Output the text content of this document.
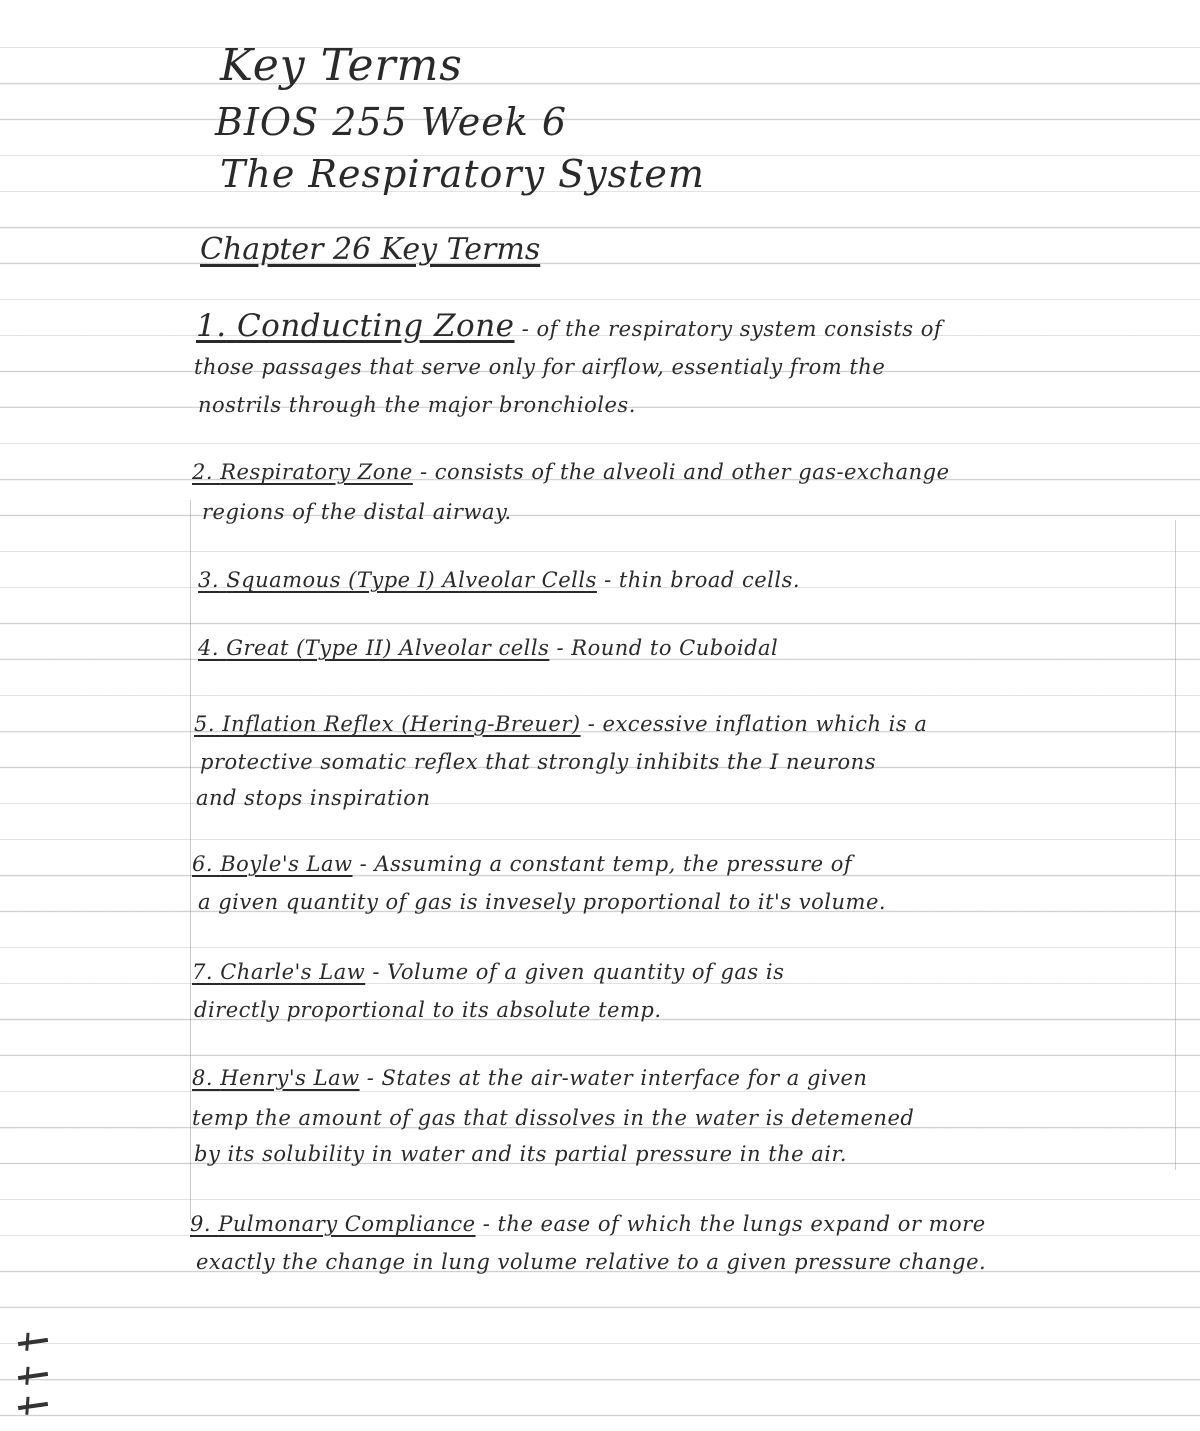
Key Terms
BIOS 255 Week 6
The Respiratory System
Chapter 26 Key Terms
1. Conducting Zone - of the respiratory system consists of
those passages that serve only for airflow, essentialy from the
nostrils through the major bronchioles.
2. Respiratory Zone - consists of the alveoli and other gas-exchange
regions of the distal airway.
3. Squamous (Type I) Alveolar Cells - thin broad cells.
4. Great (Type II) Alveolar cells - Round to Cuboidal
5. Inflation Reflex (Hering-Breuer) - excessive inflation which is a
protective somatic reflex that strongly inhibits the I neurons
and stops inspiration
6. Boyle's Law - Assuming a constant temp, the pressure of
a given quantity of gas is invesely proportional to it's volume.
7. Charle's Law - Volume of a given quantity of gas is
directly proportional to its absolute temp.
8. Henry's Law - States at the air-water interface for a given
temp the amount of gas that dissolves in the water is detemened
by its solubility in water and its partial pressure in the air.
9. Pulmonary Compliance - the ease of which the lungs expand or more
exactly the change in lung volume relative to a given pressure change.
